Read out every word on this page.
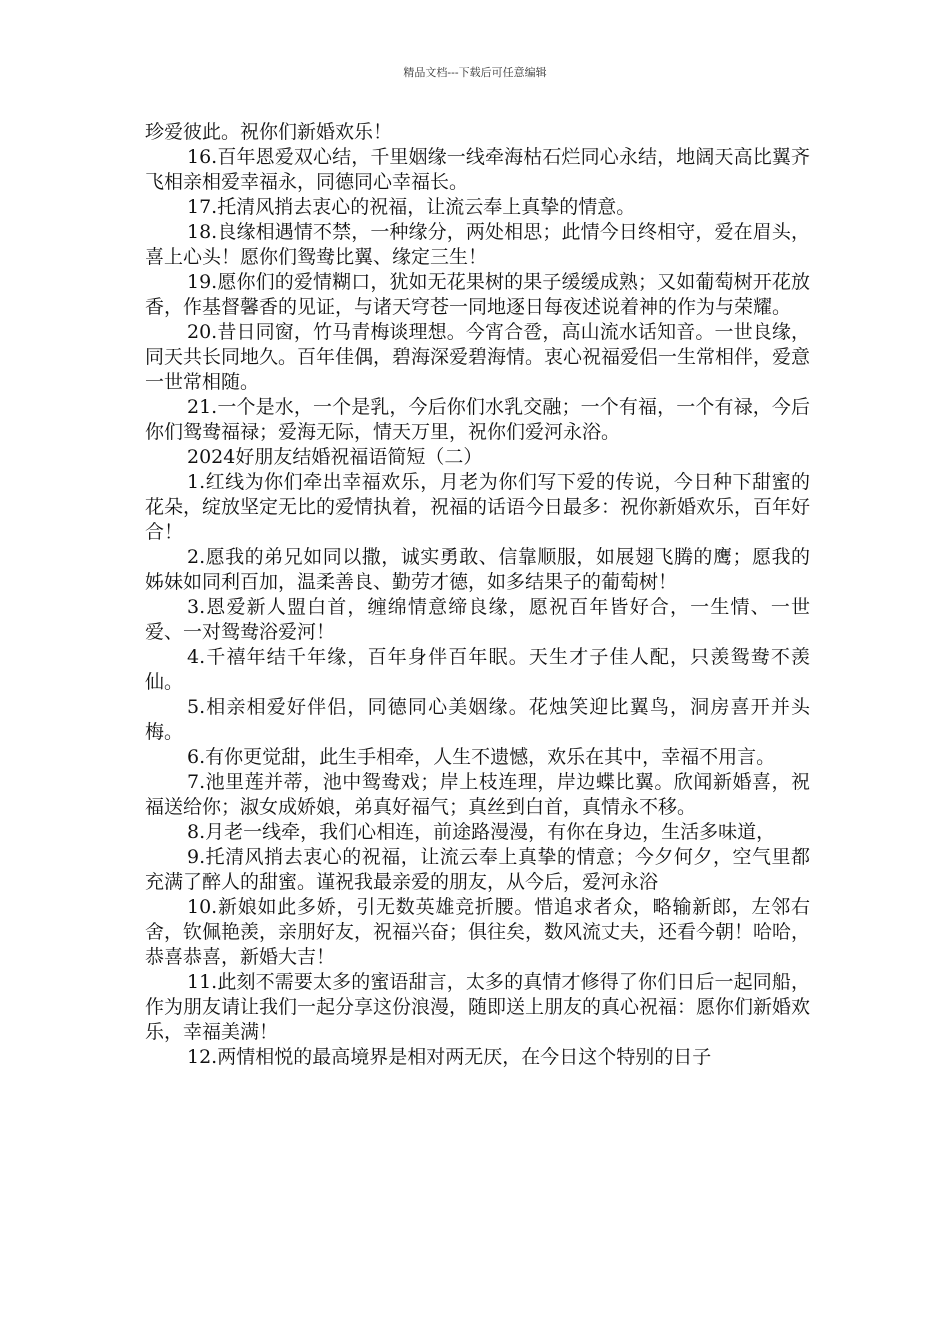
精品文档---下载后可任意编辑

珍爱彼此。祝你们新婚欢乐！

16.百年恩爱双心结，千里姻缘一线牵海枯石烂同心永结，地阔天高比翼齐飞相亲相爱幸福永，同德同心幸福长。

17.托清风捎去衷心的祝福，让流云奉上真挚的情意。

18.良缘相遇情不禁，一种缘分，两处相思；此情今日终相守，爱在眉头，喜上心头！愿你们鸳鸯比翼、缘定三生！

19.愿你们的爱情糊口，犹如无花果树的果子缓缓成熟；又如葡萄树开花放香，作基督馨香的见证，与诸天穹苍一同地逐日每夜述说着神的作为与荣耀。

20.昔日同窗，竹马青梅谈理想。今宵合卺，高山流水话知音。一世良缘，同天共长同地久。百年佳偶，碧海深爱碧海情。衷心祝福爱侣一生常相伴，爱意一世常相随。

21.一个是水，一个是乳，今后你们水乳交融；一个有福，一个有禄，今后你们鸳鸯福禄；爱海无际，情天万里，祝你们爱河永浴。

2024好朋友结婚祝福语简短（二）

1.红线为你们牵出幸福欢乐，月老为你们写下爱的传说，今日种下甜蜜的花朵，绽放坚定无比的爱情执着，祝福的话语今日最多：祝你新婚欢乐，百年好合！

2.愿我的弟兄如同以撒，诚实勇敢、信靠顺服，如展翅飞腾的鹰；愿我的姊妹如同利百加，温柔善良、勤劳才德，如多结果子的葡萄树！

3.恩爱新人盟白首，缠绵情意缔良缘，愿祝百年皆好合，一生情、一世爱、一对鸳鸯浴爱河！

4.千禧年结千年缘，百年身伴百年眠。天生才子佳人配，只羡鸳鸯不羡仙。

5.相亲相爱好伴侣，同德同心美姻缘。花烛笑迎比翼鸟，洞房喜开并头梅。

6.有你更觉甜，此生手相牵，人生不遗憾，欢乐在其中，幸福不用言。

7.池里莲并蒂，池中鸳鸯戏；岸上枝连理，岸边蝶比翼。欣闻新婚喜，祝福送给你；淑女成娇娘，弟真好福气；真丝到白首，真情永不移。

8.月老一线牵，我们心相连，前途路漫漫，有你在身边，生活多味道，

9.托清风捎去衷心的祝福，让流云奉上真挚的情意；今夕何夕，空气里都充满了醉人的甜蜜。谨祝我最亲爱的朋友，从今后，爱河永浴

10.新娘如此多娇，引无数英雄竞折腰。惜追求者众，略输新郎，左邻右舍，钦佩艳羡，亲朋好友，祝福兴奋；俱往矣，数风流丈夫，还看今朝！哈哈，恭喜恭喜，新婚大吉！

11.此刻不需要太多的蜜语甜言，太多的真情才修得了你们日后一起同船，作为朋友请让我们一起分享这份浪漫，随即送上朋友的真心祝福：愿你们新婚欢乐，幸福美满！

12.两情相悦的最高境界是相对两无厌，在今日这个特别的日子
